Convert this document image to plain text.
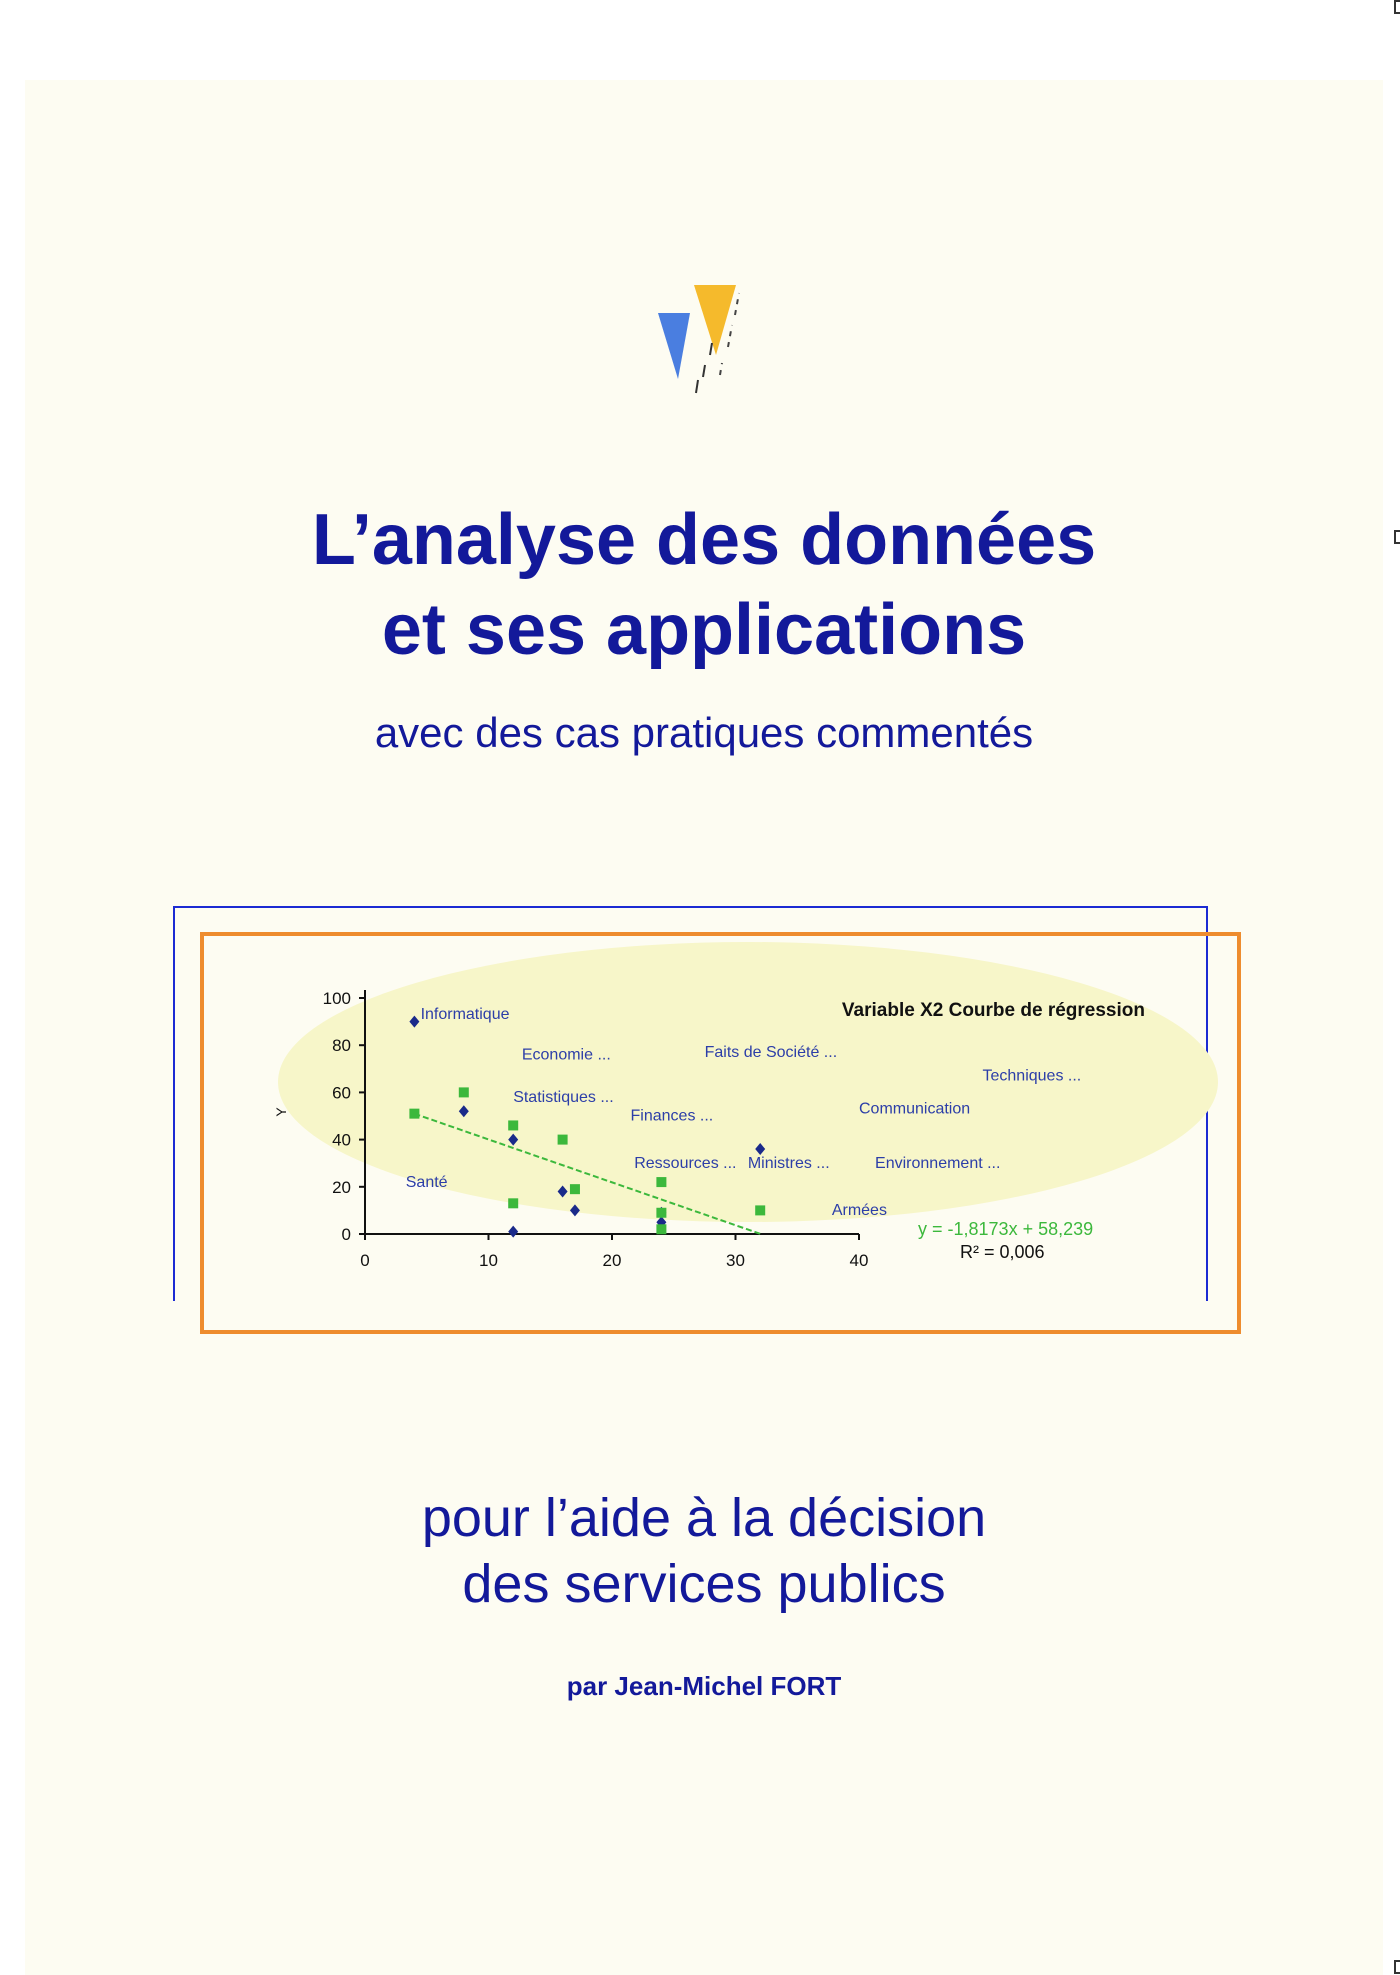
L’analyse des données
et ses applications
avec des cas pratiques commentés
0
20
40
60
80
100
0	10	20	30	40
Informatique
Economie ...	Faits de Société ...
Statistiques ...
Finances ...
Techniques ...
Communication
Ressources ... Ministres ...	Environnement ...
Santé
Armées
Variable X2 Courbe de régression
y = -1,8173x + 58,239
R² = 0,006
Y
pour l’aide à la décision
des services publics
par Jean-Michel FORT
